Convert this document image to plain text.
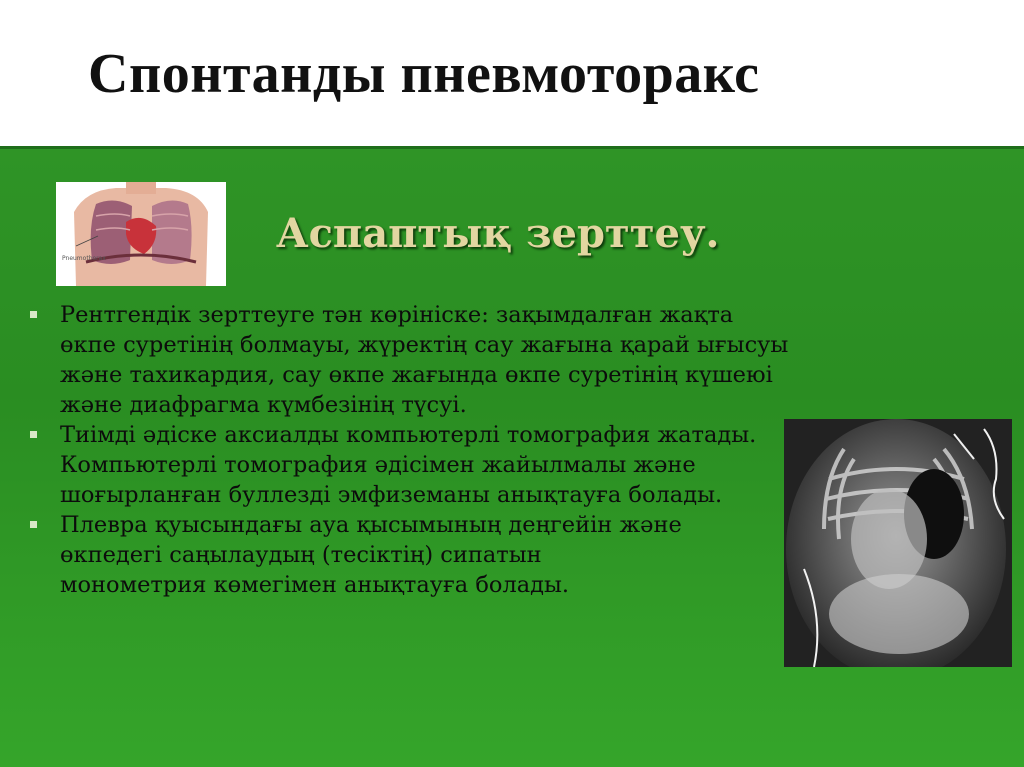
Спонтанды пневмоторакс
Pneumothorax
Аспаптық зерттеу.
Рентгендік зерттеуге тән көрініске: зақымдалған жақта өкпе суретінің болмауы, жүректің сау жағына қарай ығысуы және тахикардия, сау өкпе жағында өкпе суретінің күшеюі және диафрагма күмбезінің түсуі.
Тиімді әдіске аксиалды компьютерлі томография жатады. Компьютерлі томография әдісімен жайылмалы және шоғырланған буллезді эмфиземаны анықтауға болады.
Плевра қуысындағы ауа қысымының деңгейін және өкпедегі саңылаудың (тесіктің) сипатын
монометрия көмегімен анықтауға болады.
